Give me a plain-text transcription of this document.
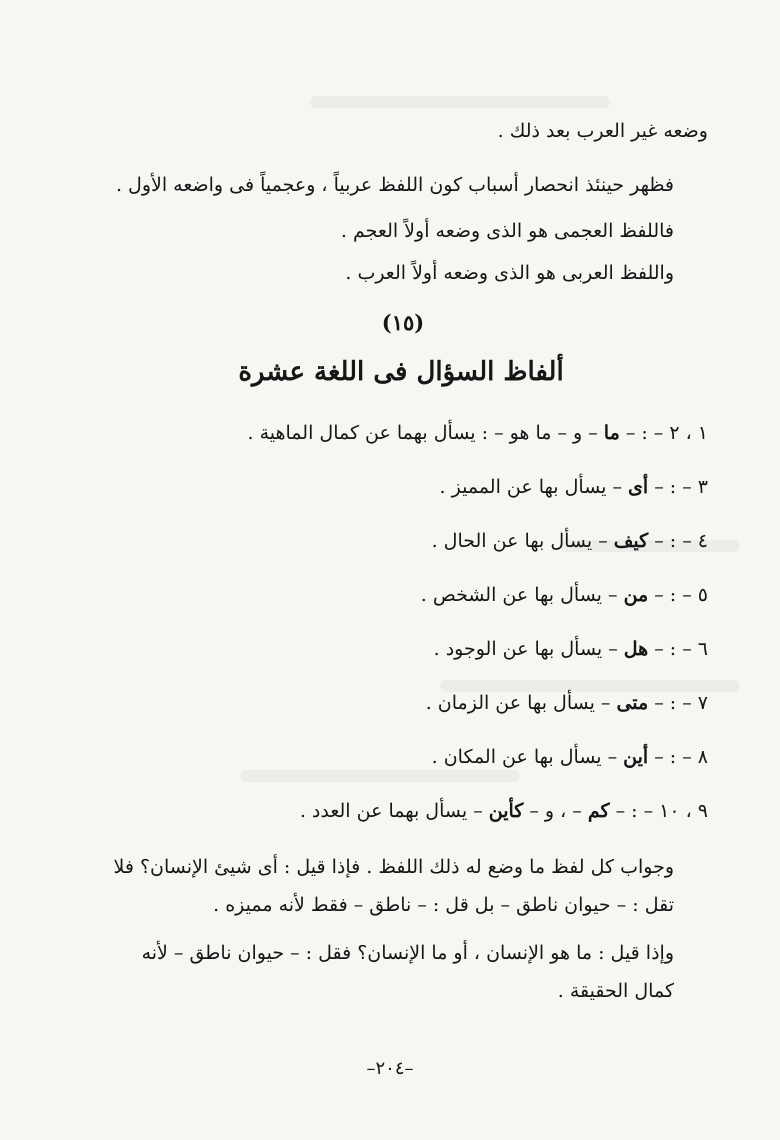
وضعه غير العرب بعد ذلك .

فظهر حينئذ انحصار أسباب كون اللفظ عربياً ، وعجمياً فى واضعه الأول .

فاللفظ العجمى هو الذى وضعه أولاً العجم .

واللفظ العربى هو الذى وضعه أولاً العرب .

(١٥)
ألفاظ السؤال فى اللغة عشرة
١ ، ٢ – : – ما – و – ما هو – : يسأل بهما عن كمال الماهية .
٣ – : – أى – يسأل بها عن المميز .
٤ – : – كيف – يسأل بها عن الحال .
٥ – : – من – يسأل بها عن الشخص .
٦ – : – هل – يسأل بها عن الوجود .
٧ – : – متى – يسأل بها عن الزمان .
٨ – : – أين – يسأل بها عن المكان .
٩ ، ١٠ – : – كم – ، و – كأين – يسأل بهما عن العدد .

وجواب كل لفظ ما وضع له ذلك اللفظ . فإذا قيل : أى شيئ الإنسان؟ فلا تقل : – حيوان ناطق – بل قل : – ناطق – فقط لأنه مميزه .

وإذا قيل : ما هو الإنسان ، أو ما الإنسان؟ فقل : – حيوان ناطق – لأنه كمال الحقيقة .

–٢٠٤–
